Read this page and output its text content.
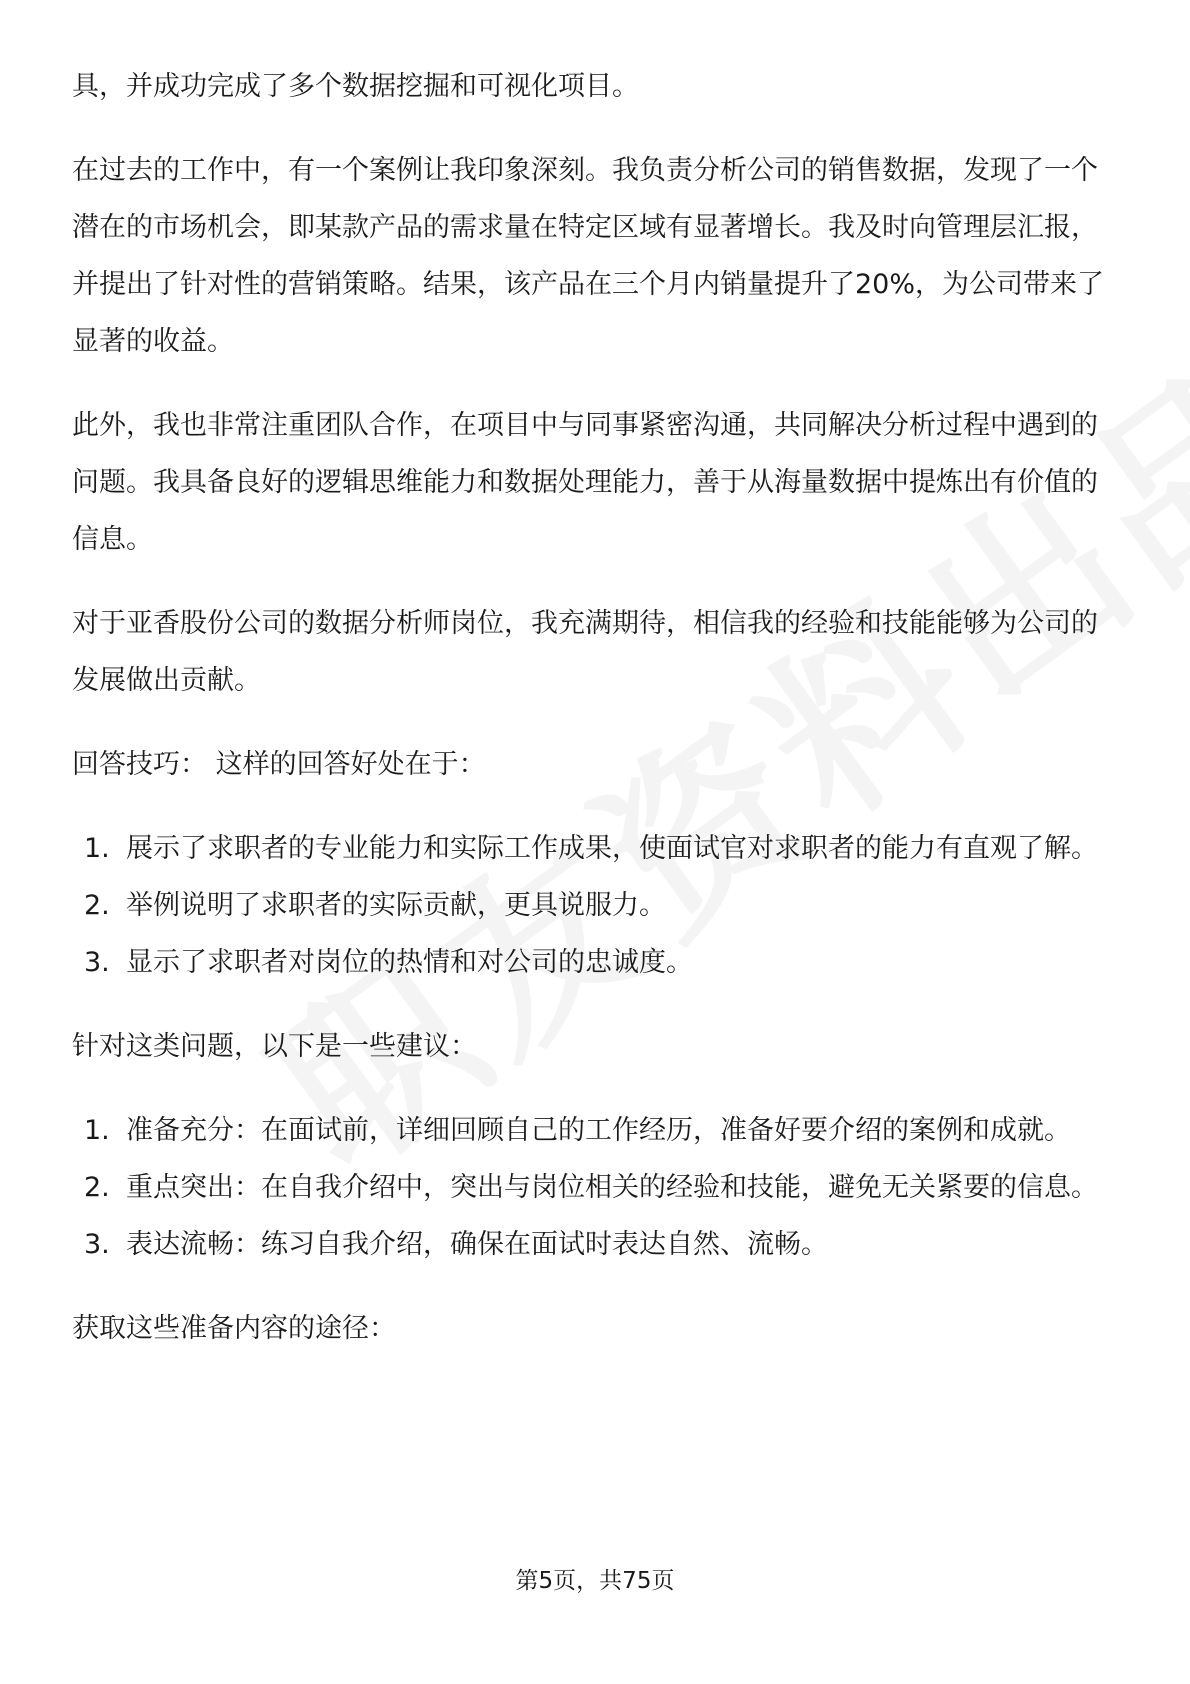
具，并成功完成了多个数据挖掘和可视化项目。

在过去的工作中，有一个案例让我印象深刻。我负责分析公司的销售数据，发现了一个潜在的市场机会，即某款产品的需求量在特定区域有显著增长。我及时向管理层汇报，并提出了针对性的营销策略。结果，该产品在三个月内销量提升了20%，为公司带来了显著的收益。

此外，我也非常注重团队合作，在项目中与同事紧密沟通，共同解决分析过程中遇到的问题。我具备良好的逻辑思维能力和数据处理能力，善于从海量数据中提炼出有价值的信息。

对于亚香股份公司的数据分析师岗位，我充满期待，相信我的经验和技能能够为公司的发展做出贡献。

回答技巧： 这样的回答好处在于：

1. 展示了求职者的专业能力和实际工作成果，使面试官对求职者的能力有直观了解。
2. 举例说明了求职者的实际贡献，更具说服力。
3. 显示了求职者对岗位的热情和对公司的忠诚度。

针对这类问题，以下是一些建议：

1. 准备充分：在面试前，详细回顾自己的工作经历，准备好要介绍的案例和成就。
2. 重点突出：在自我介绍中，突出与岗位相关的经验和技能，避免无关紧要的信息。
3. 表达流畅：练习自我介绍，确保在面试时表达自然、流畅。

获取这些准备内容的途径：

第5页，共75页
